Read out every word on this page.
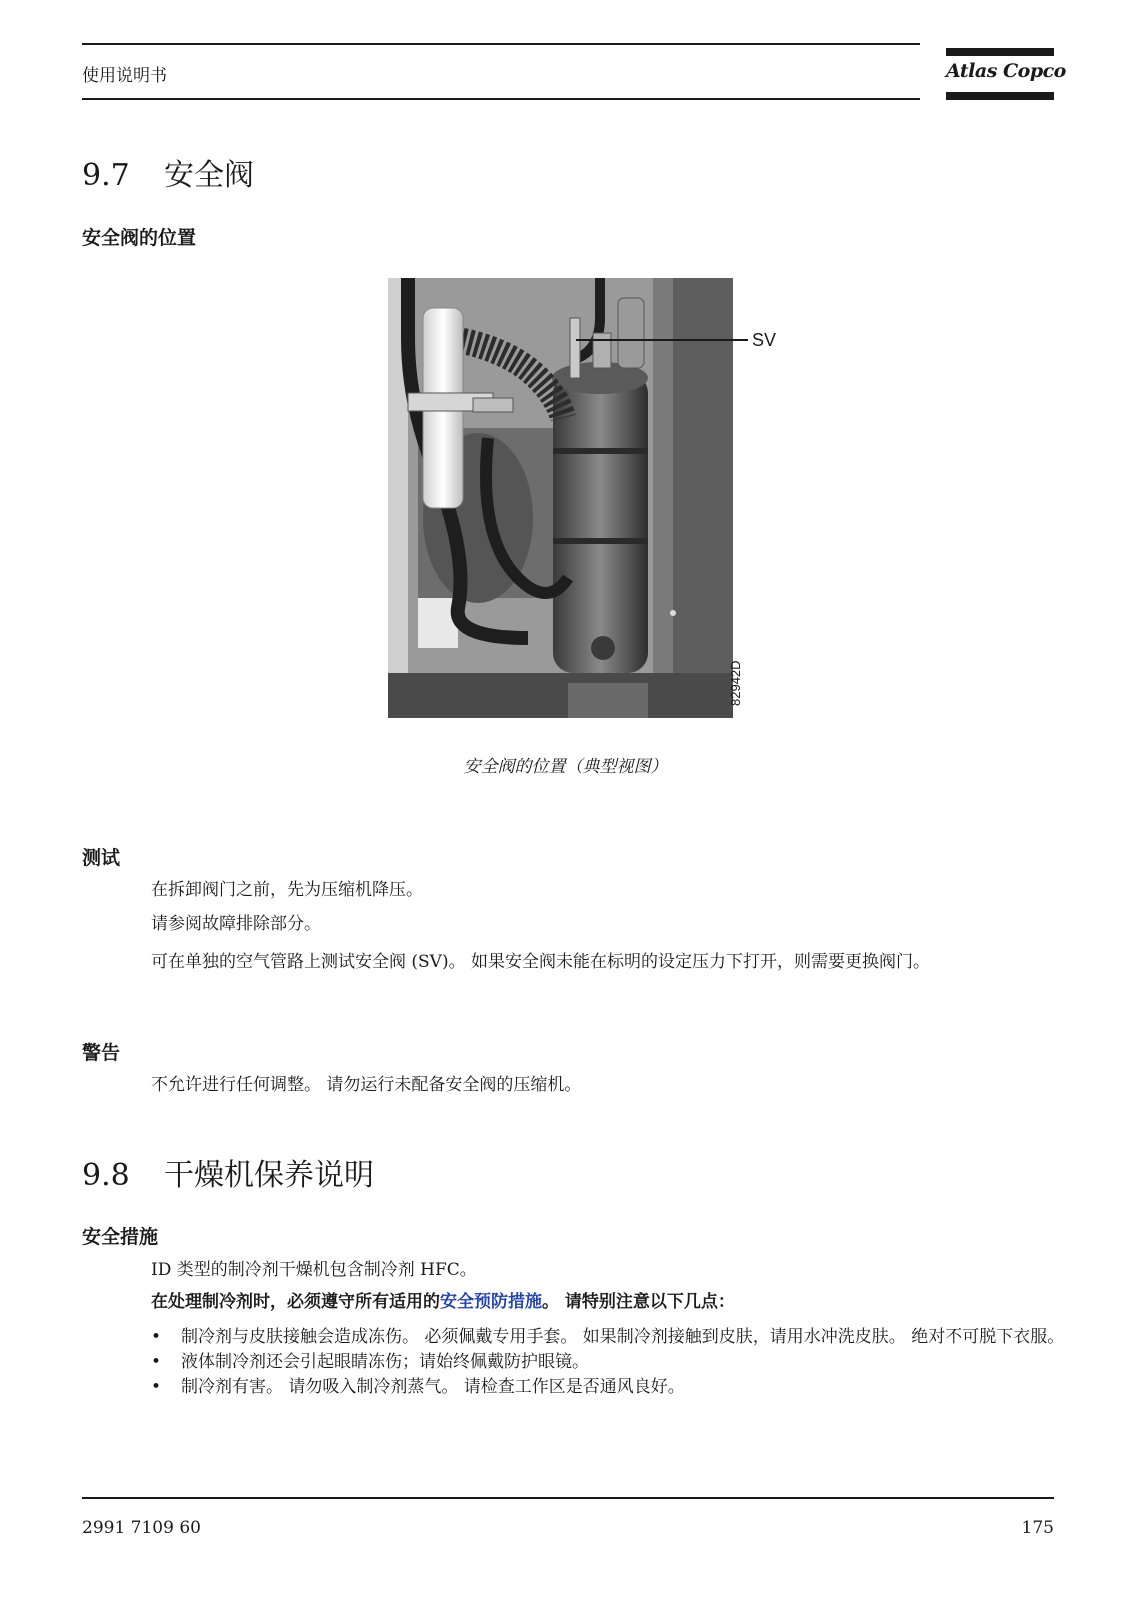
使用说明书	Atlas Copco
9.7 安全阀
安全阀的位置
SV
82942D
安全阀的位置（典型视图）
测试
在拆卸阀门之前，先为压缩机降压。
请参阅故障排除部分。
可在单独的空气管路上测试安全阀 (SV)。 如果安全阀未能在标明的设定压力下打开，则需要更换阀门。
警告
不允许进行任何调整。 请勿运行未配备安全阀的压缩机。
9.8 干燥机保养说明
安全措施
ID 类型的制冷剂干燥机包含制冷剂 HFC。
在处理制冷剂时，必须遵守所有适用的安全预防措施。 请特别注意以下几点：
• 制冷剂与皮肤接触会造成冻伤。 必须佩戴专用手套。 如果制冷剂接触到皮肤，请用水冲洗皮肤。 绝对不可脱下衣服。
• 液体制冷剂还会引起眼睛冻伤；请始终佩戴防护眼镜。
• 制冷剂有害。 请勿吸入制冷剂蒸气。 请检查工作区是否通风良好。
2991 7109 60	175
